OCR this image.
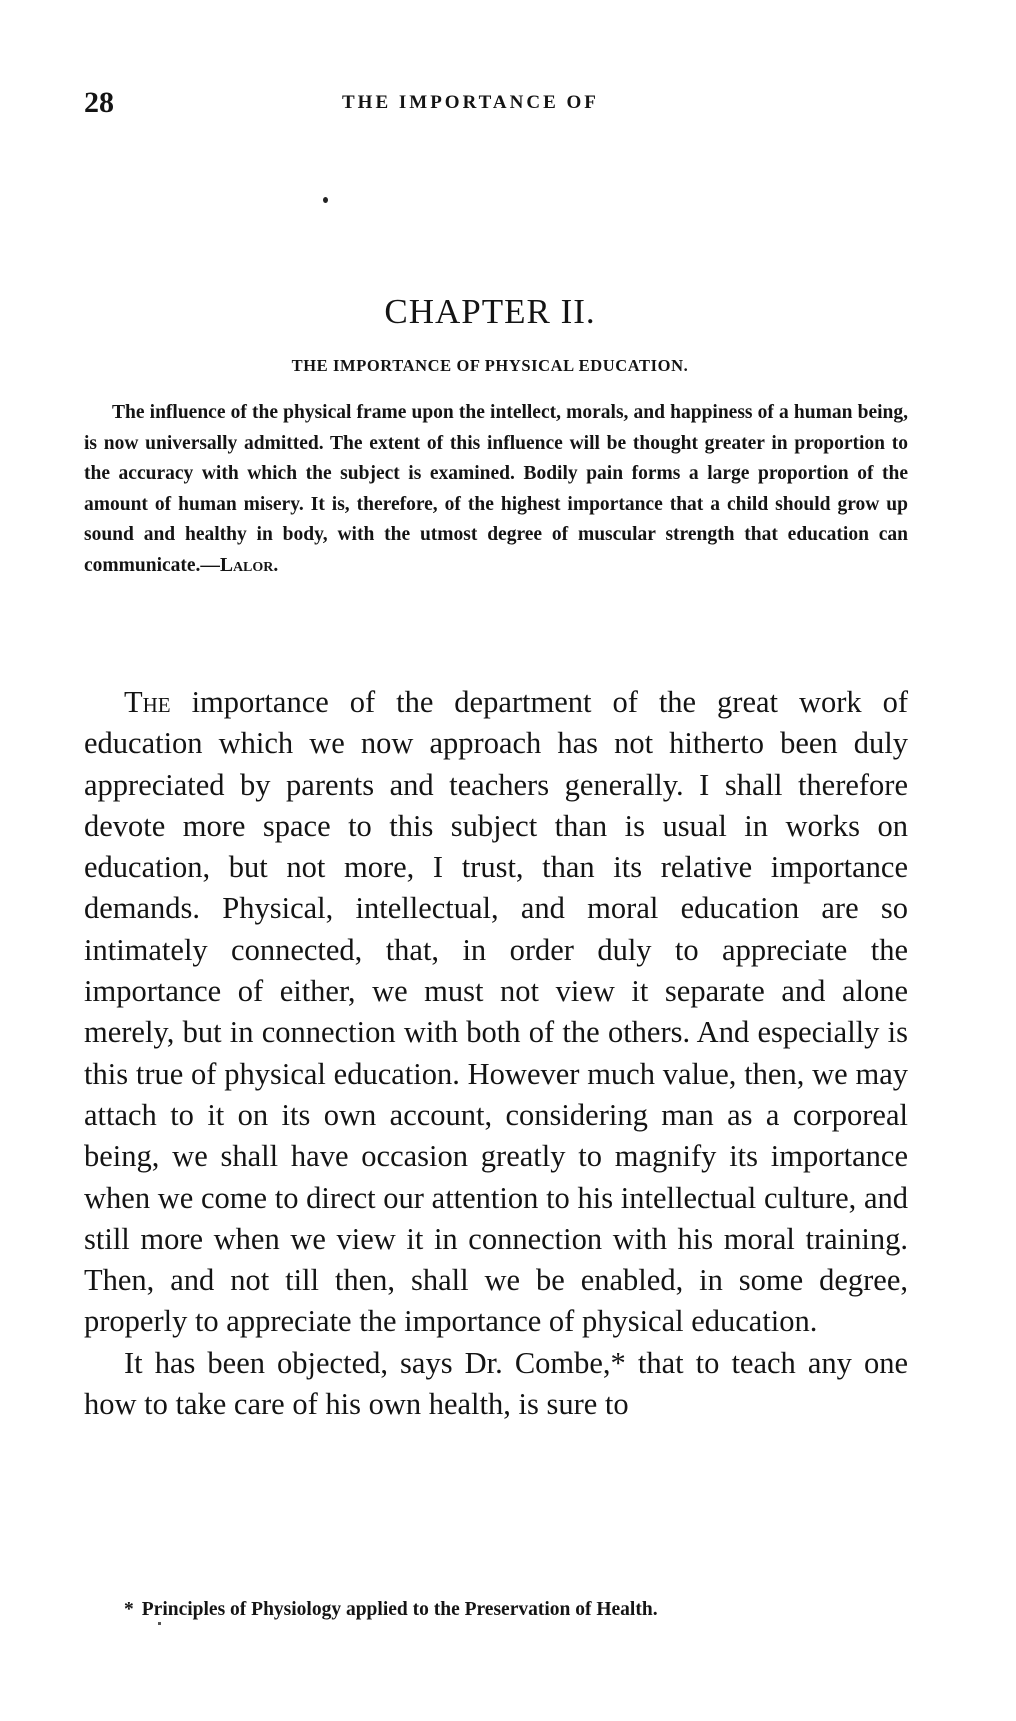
28	THE IMPORTANCE OF
CHAPTER II.
THE IMPORTANCE OF PHYSICAL EDUCATION.
The influence of the physical frame upon the intellect, morals, and happiness of a human being, is now universally admitted. The extent of this influence will be thought greater in proportion to the accuracy with which the subject is examined. Bodily pain forms a large proportion of the amount of human misery. It is, therefore, of the highest importance that a child should grow up sound and healthy in body, with the utmost degree of muscular strength that education can communicate.—Lalor.

The importance of the department of the great work of education which we now approach has not hitherto been duly appreciated by parents and teachers generally. I shall therefore devote more space to this subject than is usual in works on education, but not more, I trust, than its relative importance demands. Physical, intellectual, and moral education are so intimately connected, that, in order duly to appreciate the importance of either, we must not view it separate and alone merely, but in connection with both of the others. And especially is this true of physical education. However much value, then, we may attach to it on its own account, considering man as a corporeal being, we shall have occasion greatly to magnify its importance when we come to direct our attention to his intellectual culture, and still more when we view it in connection with his moral training. Then, and not till then, shall we be enabled, in some degree, properly to appreciate the importance of physical education.

It has been objected, says Dr. Combe,* that to teach any one how to take care of his own health, is sure to

* Principles of Physiology applied to the Preservation of Health.
